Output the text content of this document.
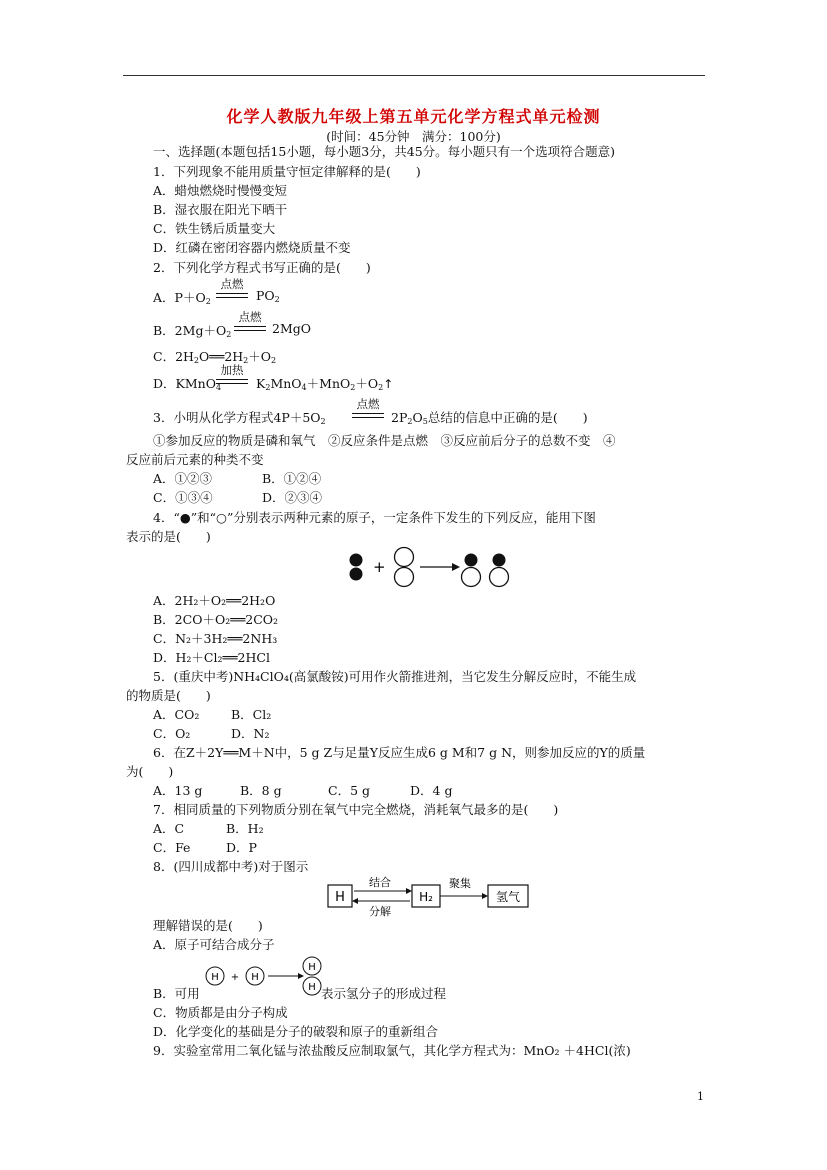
化学人教版九年级上第五单元化学方程式单元检测
(时间：45分钟　满分：100分)
一、选择题(本题包括15小题，每小题3分，共45分。每小题只有一个选项符合题意)
1．下列现象不能用质量守恒定律解释的是(　　)
A．蜡烛燃烧时慢慢变短
B．湿衣服在阳光下晒干
C．铁生锈后质量变大
D．红磷在密闭容器内燃烧质量不变
2．下列化学方程式书写正确的是(　　)
A．$P+O_2$
点燃
$PO_2$
B．$2Mg+O_2$
点燃
2MgO
C．$2H_2O══2H_2+O_2$
D．KMnO$_4$
加热
$K_2MnO_4+MnO_2+O_2↑$
3．小明从化学方程式$4P+5O_2$
点燃
$2P_2O_5$总结的信息中正确的是(　　)
①参加反应的物质是磷和氧气　②反应条件是点燃　③反应前后分子的总数不变　④
反应前后元素的种类不变
A．①②③	B．①②④
C．①③④	D．②③④
4．“●”和“○”分别表示两种元素的原子，一定条件下发生的下列反应，能用下图
表示的是(　　)
+
A．2H₂＋O₂══2H₂O
B．2CO＋O₂══2CO₂
C．N₂＋3H₂══2NH₃
D．H₂＋Cl₂══2HCl
5．(重庆中考)NH₄ClO₄(高氯酸铵)可用作火箭推进剂，当它发生分解反应时，不能生成
的物质是(　　)
A．CO₂	B．Cl₂
C．O₂	D．N₂
6．在Z＋2Y══M＋N中，5 g Z与足量Y反应生成6 g M和7 g N，则参加反应的Y的质量
为(　　)
A．13 g	B．8 g	C．5 g	D．4 g
7．相同质量的下列物质分别在氧气中完全燃烧，消耗氧气最多的是(　　)
A．C	B．H₂
C．Fe	D．P
8．(四川成都中考)对于图示
H
结合
分解
H₂
聚集
氢气
理解错误的是(　　)
A．原子可结合成分子
H + H
H
H
B．可用	表示氢分子的形成过程
C．物质都是由分子构成
D．化学变化的基础是分子的破裂和原子的重新组合
9．实验室常用二氧化锰与浓盐酸反应制取氯气，其化学方程式为：MnO₂ ＋4HCl(浓)
1
